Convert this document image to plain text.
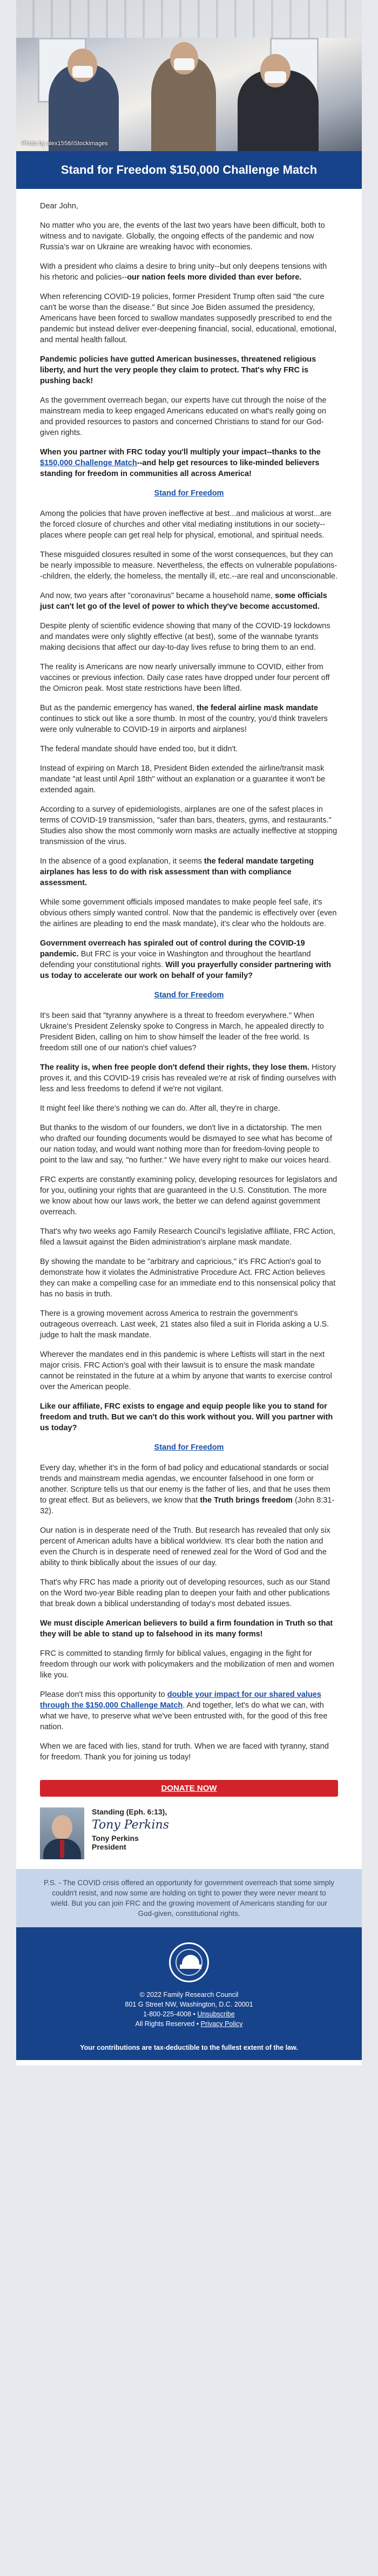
Photo by alex1558/iStockimages
Stand for Freedom $150,000 Challenge Match

Dear John,

No matter who you are, the events of the last two years have been difficult, both to witness and to navigate. Globally, the ongoing effects of the pandemic and now Russia's war on Ukraine are wreaking havoc with economies.

With a president who claims a desire to bring unity--but only deepens tensions with his rhetoric and policies--our nation feels more divided than ever before.

When referencing COVID-19 policies, former President Trump often said "the cure can't be worse than the disease." But since Joe Biden assumed the presidency, Americans have been forced to swallow mandates supposedly prescribed to end the pandemic but instead deliver ever-deepening financial, social, educational, emotional, and mental health fallout.

Pandemic policies have gutted American businesses, threatened religious liberty, and hurt the very people they claim to protect. That's why FRC is pushing back!

As the government overreach began, our experts have cut through the noise of the mainstream media to keep engaged Americans educated on what's really going on and provided resources to pastors and concerned Christians to stand for our God-given rights.

When you partner with FRC today you'll multiply your impact--thanks to the $150,000 Challenge Match--and help get resources to like-minded believers standing for freedom in communities all across America!

Stand for Freedom

Among the policies that have proven ineffective at best...and malicious at worst...are the forced closure of churches and other vital mediating institutions in our society--places where people can get real help for physical, emotional, and spiritual needs.

These misguided closures resulted in some of the worst consequences, but they can be nearly impossible to measure. Nevertheless, the effects on vulnerable populations--children, the elderly, the homeless, the mentally ill, etc.--are real and unconscionable.

And now, two years after "coronavirus" became a household name, some officials just can't let go of the level of power to which they've become accustomed.

Despite plenty of scientific evidence showing that many of the COVID-19 lockdowns and mandates were only slightly effective (at best), some of the wannabe tyrants making decisions that affect our day-to-day lives refuse to bring them to an end.

The reality is Americans are now nearly universally immune to COVID, either from vaccines or previous infection. Daily case rates have dropped under four percent off the Omicron peak. Most state restrictions have been lifted.

But as the pandemic emergency has waned, the federal airline mask mandate continues to stick out like a sore thumb. In most of the country, you'd think travelers were only vulnerable to COVID-19 in airports and airplanes!

The federal mandate should have ended too, but it didn't.

Instead of expiring on March 18, President Biden extended the airline/transit mask mandate "at least until April 18th" without an explanation or a guarantee it won't be extended again.

According to a survey of epidemiologists, airplanes are one of the safest places in terms of COVID-19 transmission, "safer than bars, theaters, gyms, and restaurants." Studies also show the most commonly worn masks are actually ineffective at stopping transmission of the virus.

In the absence of a good explanation, it seems the federal mandate targeting airplanes has less to do with risk assessment than with compliance assessment.

While some government officials imposed mandates to make people feel safe, it's obvious others simply wanted control. Now that the pandemic is effectively over (even the airlines are pleading to end the mask mandate), it's clear who the holdouts are.

Government overreach has spiraled out of control during the COVID-19 pandemic. But FRC is your voice in Washington and throughout the heartland defending your constitutional rights. Will you prayerfully consider partnering with us today to accelerate our work on behalf of your family?

Stand for Freedom

It's been said that "tyranny anywhere is a threat to freedom everywhere." When Ukraine's President Zelensky spoke to Congress in March, he appealed directly to President Biden, calling on him to show himself the leader of the free world. Is freedom still one of our nation's chief values?

The reality is, when free people don't defend their rights, they lose them. History proves it, and this COVID-19 crisis has revealed we're at risk of finding ourselves with less and less freedoms to defend if we're not vigilant.

It might feel like there's nothing we can do. After all, they're in charge.

But thanks to the wisdom of our founders, we don't live in a dictatorship. The men who drafted our founding documents would be dismayed to see what has become of our nation today, and would want nothing more than for freedom-loving people to point to the law and say, "no further." We have every right to make our voices heard.

FRC experts are constantly examining policy, developing resources for legislators and for you, outlining your rights that are guaranteed in the U.S. Constitution. The more we know about how our laws work, the better we can defend against government overreach.

That's why two weeks ago Family Research Council's legislative affiliate, FRC Action, filed a lawsuit against the Biden administration's airplane mask mandate.

By showing the mandate to be "arbitrary and capricious," it's FRC Action's goal to demonstrate how it violates the Administrative Procedure Act. FRC Action believes they can make a compelling case for an immediate end to this nonsensical policy that has no basis in truth.

There is a growing movement across America to restrain the government's outrageous overreach. Last week, 21 states also filed a suit in Florida asking a U.S. judge to halt the mask mandate.

Wherever the mandates end in this pandemic is where Leftists will start in the next major crisis. FRC Action's goal with their lawsuit is to ensure the mask mandate cannot be reinstated in the future at a whim by anyone that wants to exercise control over the American people.

Like our affiliate, FRC exists to engage and equip people like you to stand for freedom and truth. But we can't do this work without you. Will you partner with us today?

Stand for Freedom

Every day, whether it's in the form of bad policy and educational standards or social trends and mainstream media agendas, we encounter falsehood in one form or another. Scripture tells us that our enemy is the father of lies, and that he uses them to great effect. But as believers, we know that the Truth brings freedom (John 8:31-32).

Our nation is in desperate need of the Truth. But research has revealed that only six percent of American adults have a biblical worldview. It's clear both the nation and even the Church is in desperate need of renewed zeal for the Word of God and the ability to think biblically about the issues of our day.

That's why FRC has made a priority out of developing resources, such as our Stand on the Word two-year Bible reading plan to deepen your faith and other publications that break down a biblical understanding of today's most debated issues.

We must disciple American believers to build a firm foundation in Truth so that they will be able to stand up to falsehood in its many forms!

FRC is committed to standing firmly for biblical values, engaging in the fight for freedom through our work with policymakers and the mobilization of men and women like you.

Please don't miss this opportunity to double your impact for our shared values through the $150,000 Challenge Match. And together, let's do what we can, with what we have, to preserve what we've been entrusted with, for the good of this free nation.

When we are faced with lies, stand for truth. When we are faced with tyranny, stand for freedom. Thank you for joining us today!

DONATE NOW
Standing (Eph. 6:13),
Tony Perkins
Tony Perkins
President
P.S. - The COVID crisis offered an opportunity for government overreach that some simply couldn't resist, and now some are holding on tight to power they were never meant to wield. But you can join FRC and the growing movement of Americans standing for our God-given, constitutional rights.
© 2022 Family Research Council
801 G Street NW, Washington, D.C. 20001
1-800-225-4008 • Unsubscribe
All Rights Reserved • Privacy Policy
Your contributions are tax-deductible to the fullest extent of the law.
